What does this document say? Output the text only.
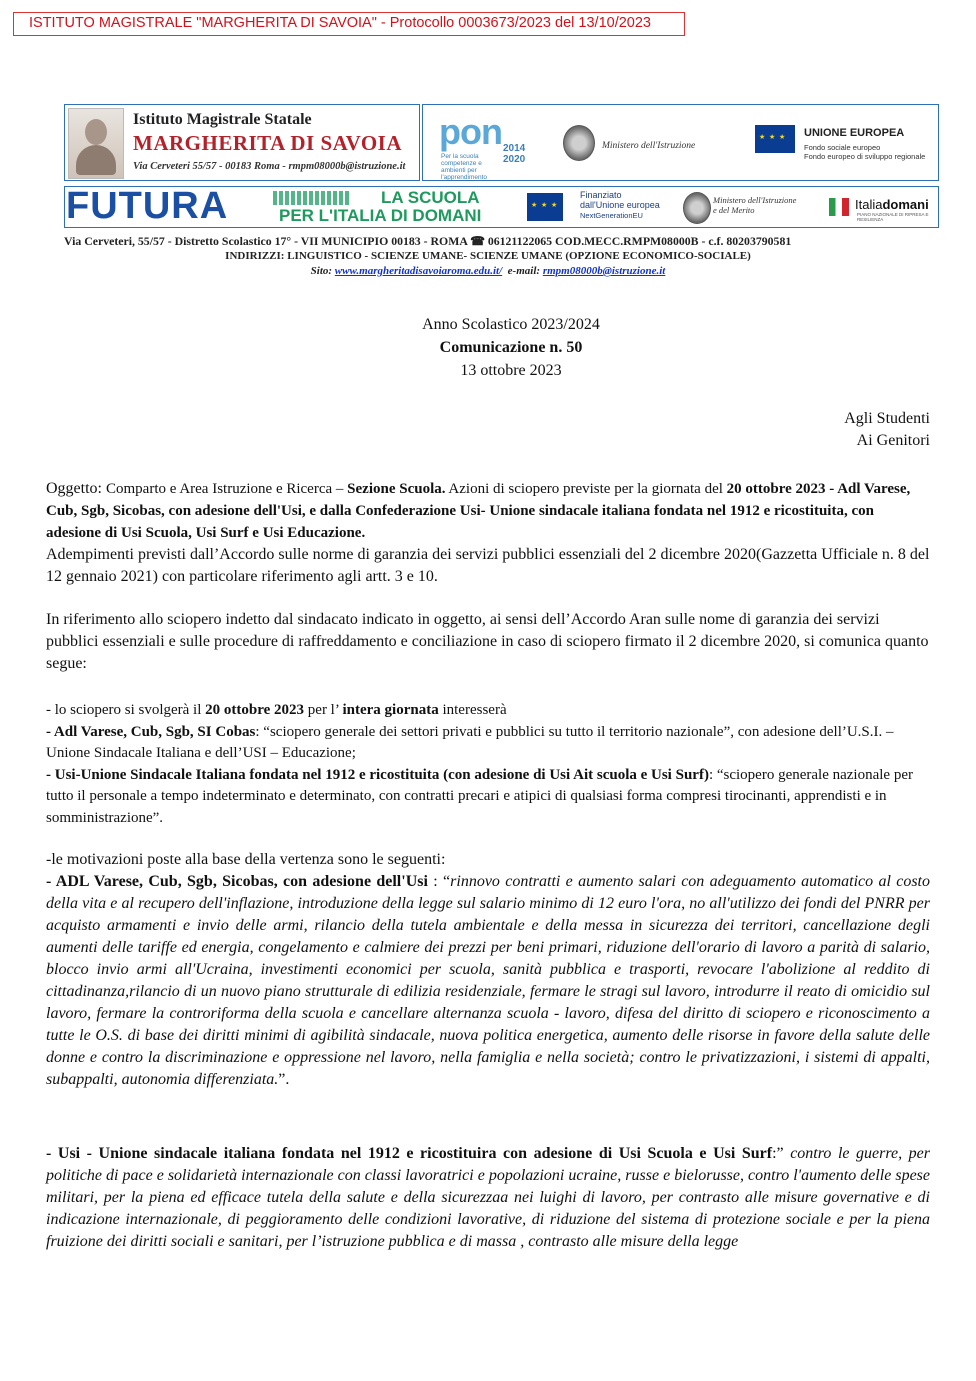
ISTITUTO MAGISTRALE "MARGHERITA DI SAVOIA" - Protocollo 0003673/2023 del 13/10/2023
Istituto Magistrale Statale
MARGHERITA DI SAVOIA
Via Cerveteri 55/57 - 00183 Roma - rmpm08000b@istruzione.it
pon
Per la scuola competenze e ambienti per l'apprendimento
2014 2020
Ministero dell'Istruzione
★ ★ ★
UNIONE EUROPEA
Fondo sociale europeo
Fondo europeo di sviluppo regionale
FUTURA	LA SCUOLA
PER L'ITALIA DI DOMANI
★ ★ ★
Finanziato
dall'Unione europea
NextGenerationEU
Ministero dell'Istruzione
e del Merito	Italiadomani
PIANO NAZIONALE DI RIPRESA E RESILIENZA
Via Cerveteri, 55/57 - Distretto Scolastico 17° - VII MUNICIPIO 00183 - ROMA ☎ 06121122065 COD.MECC.RMPM08000B - c.f. 80203790581
INDIRIZZI: LINGUISTICO - SCIENZE UMANE- SCIENZE UMANE (OPZIONE ECONOMICO-SOCIALE)
Sito: www.margheritadisavoiaroma.edu.it/ e-mail: rmpm08000b@istruzione.it
Anno Scolastico 2023/2024
Comunicazione n. 50
13 ottobre 2023
Agli Studenti
Ai Genitori
Oggetto: Comparto e Area Istruzione e Ricerca – Sezione Scuola. Azioni di sciopero previste per la giornata del 20 ottobre 2023 - Adl Varese, Cub, Sgb, Sicobas, con adesione dell'Usi, e dalla Confederazione Usi- Unione sindacale italiana fondata nel 1912 e ricostituita, con adesione di Usi Scuola, Usi Surf e Usi Educazione.
Adempimenti previsti dall’Accordo sulle norme di garanzia dei servizi pubblici essenziali del 2 dicembre 2020(Gazzetta Ufficiale n. 8 del 12 gennaio 2021) con particolare riferimento agli artt. 3 e 10.
In riferimento allo sciopero indetto dal sindacato indicato in oggetto, ai sensi dell’Accordo Aran sulle nome di garanzia dei servizi pubblici essenziali e sulle procedure di raffreddamento e conciliazione in caso di sciopero firmato il 2 dicembre 2020, si comunica quanto segue:
- lo sciopero si svolgerà il 20 ottobre 2023 per l’ intera giornata interesserà
- Adl Varese, Cub, Sgb, SI Cobas: “sciopero generale dei settori privati e pubblici su tutto il territorio nazionale”, con adesione dell’U.S.I. – Unione Sindacale Italiana e dell’USI – Educazione;
- Usi-Unione Sindacale Italiana fondata nel 1912 e ricostituita (con adesione di Usi Ait scuola e Usi Surf): “sciopero generale nazionale per tutto il personale a tempo indeterminato e determinato, con contratti precari e atipici di qualsiasi forma compresi tirocinanti, apprendisti e in somministrazione”.
-le motivazioni poste alla base della vertenza sono le seguenti:
- ADL Varese, Cub, Sgb, Sicobas, con adesione dell'Usi : “rinnovo contratti e aumento salari con adeguamento automatico al costo della vita e al recupero dell'inflazione, introduzione della legge sul salario minimo di 12 euro l'ora, no all'utilizzo dei fondi del PNRR per acquisto armamenti e invio delle armi, rilancio della tutela ambientale e della messa in sicurezza dei territori, cancellazione degli aumenti delle tariffe ed energia, congelamento e calmiere dei prezzi per beni primari, riduzione dell'orario di lavoro a parità di salario, blocco invio armi all'Ucraina, investimenti economici per scuola, sanità pubblica e trasporti, revocare l'abolizione al reddito di cittadinanza,rilancio di un nuovo piano strutturale di edilizia residenziale, fermare le stragi sul lavoro, introdurre il reato di omicidio sul lavoro, fermare la controriforma della scuola e cancellare alternanza scuola - lavoro, difesa del diritto di sciopero e riconoscimento a tutte le O.S. di base dei diritti minimi di agibilità sindacale, nuova politica energetica, aumento delle risorse in favore della salute delle donne e contro la discriminazione e oppressione nel lavoro, nella famiglia e nella società; contro le privatizzazioni, i sistemi di appalti, subappalti, autonomia differenziata.”.
- Usi - Unione sindacale italiana fondata nel 1912 e ricostituira con adesione di Usi Scuola e Usi Surf:” contro le guerre, per politiche di pace e solidarietà internazionale con classi lavoratrici e popolazioni ucraine, russe e bielorusse, contro l'aumento delle spese militari, per la piena ed efficace tutela della salute e della sicurezzaa nei luighi di lavoro, per contrasto alle misure governative e di indicazione internazionale, di peggioramento delle condizioni lavorative, di riduzione del sistema di protezione sociale e per la piena fruizione dei diritti sociali e sanitari, per l’istruzione pubblica e di massa , contrasto alle misure della legge
